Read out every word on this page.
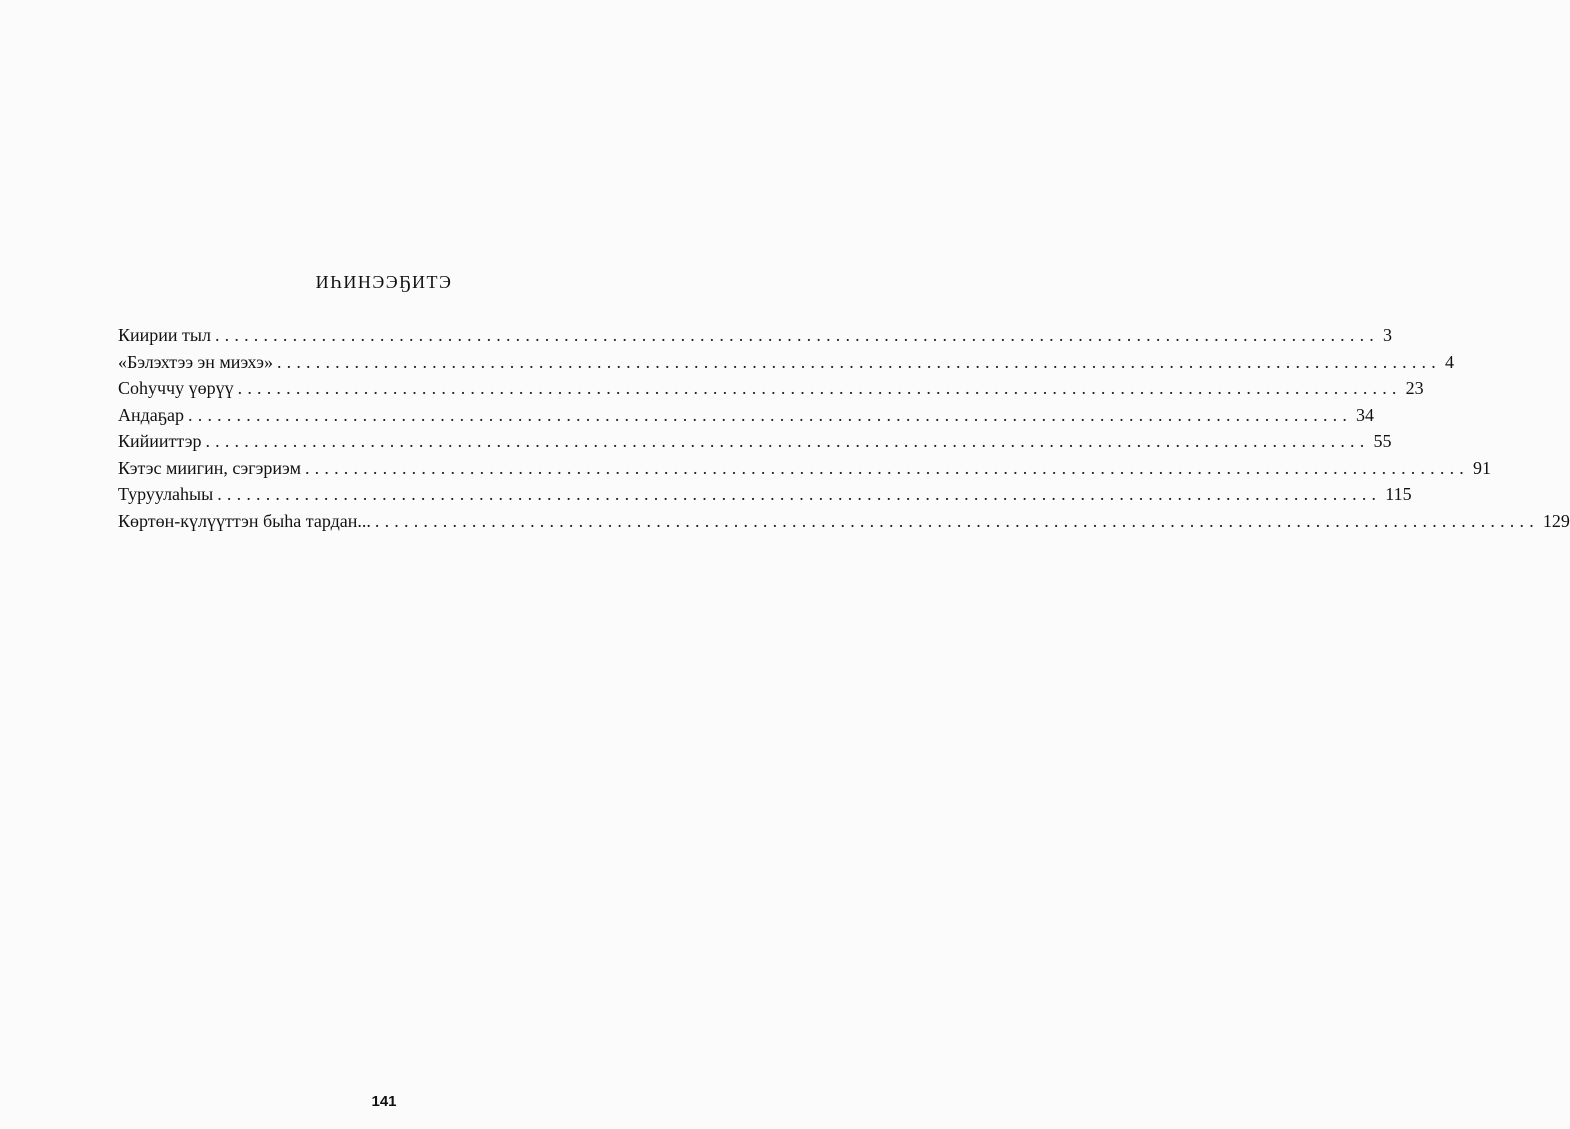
ИҺИНЭЭҔИТЭ
Киирии тыл ........................................................................................................................ 3
«Бэлэхтээ эн миэхэ» ........................................................................................................................ 4
Соһуччу үөрүү ........................................................................................................................ 23
Андаҕар ........................................................................................................................ 34
Кийииттэр ........................................................................................................................ 55
Кэтэс миигин, сэгэриэм ........................................................................................................................ 91
Туруулаһыы ........................................................................................................................ 115
Көртөн-күлүүттэн быһа тардан... ........................................................................................................................ 129
141
